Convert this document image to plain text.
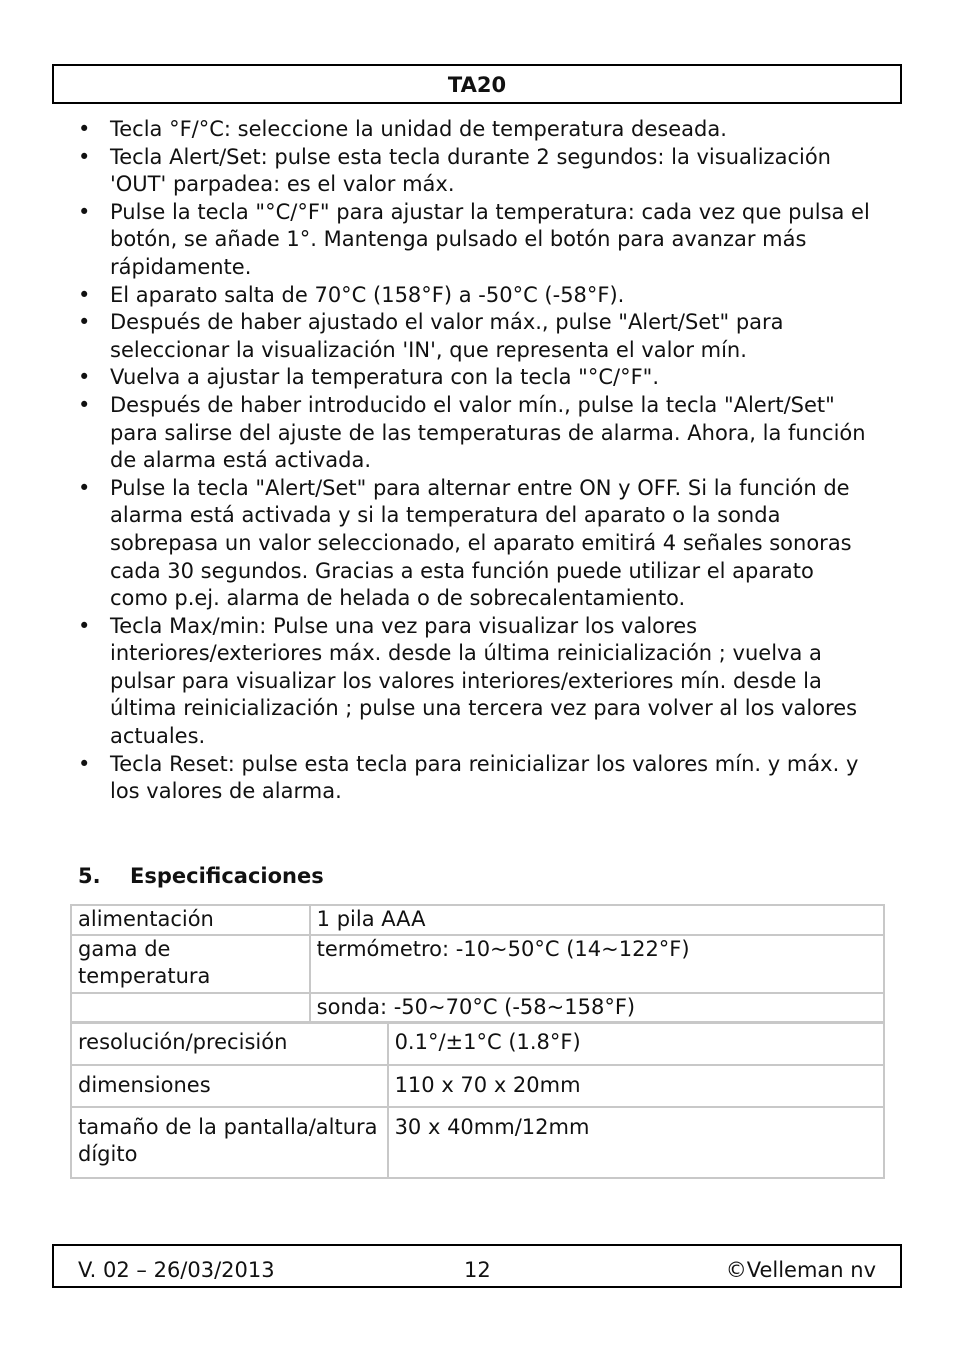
TA20
• Tecla °F/°C: seleccione la unidad de temperatura deseada.
• Tecla Alert/Set: pulse esta tecla durante 2 segundos: la visualización 'OUT' parpadea: es el valor máx.
• Pulse la tecla "°C/°F" para ajustar la temperatura: cada vez que pulsa el botón, se añade 1°. Mantenga pulsado el botón para avanzar más rápidamente.
• El aparato salta de 70°C (158°F) a -50°C (-58°F).
• Después de haber ajustado el valor máx., pulse "Alert/Set" para seleccionar la visualización 'IN', que representa el valor mín.
• Vuelva a ajustar la temperatura con la tecla "°C/°F".
• Después de haber introducido el valor mín., pulse la tecla "Alert/Set" para salirse del ajuste de las temperaturas de alarma. Ahora, la función de alarma está activada.
• Pulse la tecla "Alert/Set" para alternar entre ON y OFF. Si la función de alarma está activada y si la temperatura del aparato o la sonda sobrepasa un valor seleccionado, el aparato emitirá 4 señales sonoras cada 30 segundos. Gracias a esta función puede utilizar el aparato como p.ej. alarma de helada o de sobrecalentamiento.
• Tecla Max/min: Pulse una vez para visualizar los valores interiores/exteriores máx. desde la última reinicialización ; vuelva a pulsar para visualizar los valores interiores/exteriores mín. desde la última reinicialización ; pulse una tercera vez para volver al los valores actuales.
• Tecla Reset: pulse esta tecla para reinicializar los valores mín. y máx. y los valores de alarma.
5. Especificaciones
alimentación	1 pila AAA
gama de temperatura	termómetro: -10~50°C (14~122°F)
	sonda: -50~70°C (-58~158°F)
resolución/precisión	0.1°/±1°C (1.8°F)
dimensiones	110 x 70 x 20mm
tamaño de la pantalla/altura dígito	30 x 40mm/12mm
V. 02 – 26/03/2013	12	©Velleman nv
